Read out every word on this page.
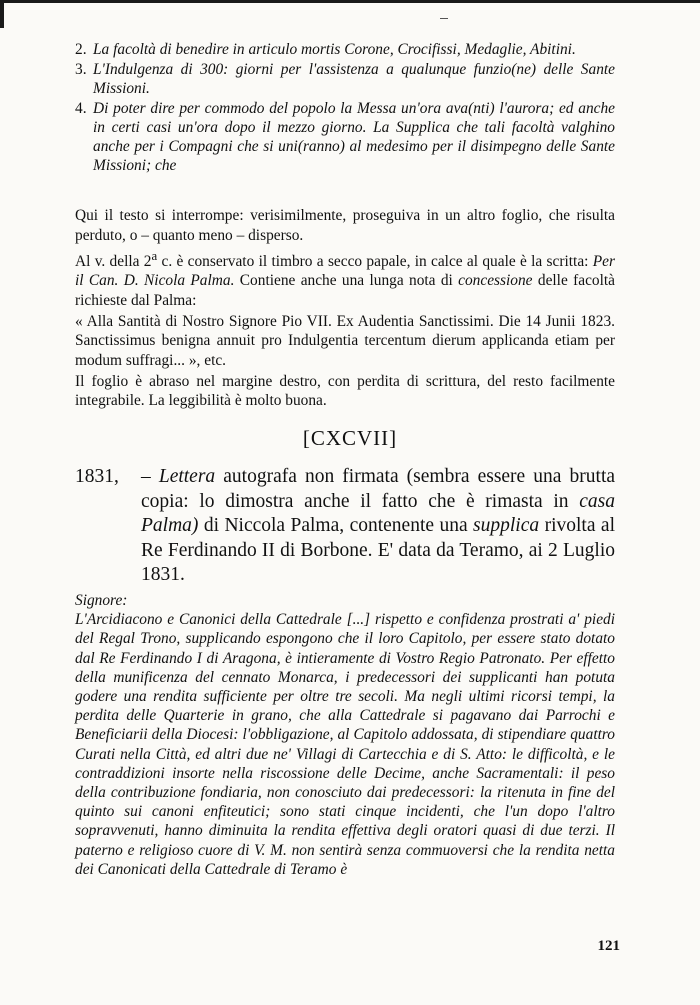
2. La facoltà di benedire in articulo mortis Corone, Crocifissi, Medaglie, Abitini.
3. L'Indulgenza di 300: giorni per l'assistenza a qualunque funzio(ne) delle Sante Missioni.
4. Di poter dire per commodo del popolo la Messa un'ora ava(nti) l'aurora; ed anche in certi casi un'ora dopo il mezzo giorno. La Supplica che tali facoltà valghino anche per i Compagni che si uni(ranno) al medesimo per il disimpegno delle Sante Missioni; che

Qui il testo si interrompe: verisimilmente, proseguiva in un altro foglio, che risulta perduto, o – quanto meno – disperso.

Al v. della 2$^a$ c. è conservato il timbro a secco papale, in calce al quale è la scritta: Per il Can. D. Nicola Palma. Contiene anche una lunga nota di concessione delle facoltà richieste dal Palma:

« Alla Santità di Nostro Signore Pio VII. Ex Audentia Sanctissimi. Die 14 Junii 1823. Sanctissimus benigna annuit pro Indulgentia tercentum dierum applicanda etiam per modum suffragi... », etc.

Il foglio è abraso nel margine destro, con perdita di scrittura, del resto facilmente integrabile. La leggibilità è molto buona.

[CXCVII]
1831,	– Lettera autografa non firmata (sembra essere una brutta copia: lo dimostra anche il fatto che è rimasta in casa Palma) di Niccola Palma, contenente una supplica rivolta al Re Ferdinando II di Borbone. E' data da Teramo, ai 2 Luglio 1831.

Signore:

L'Arcidiacono e Canonici della Cattedrale [...] rispetto e confidenza prostrati a' piedi del Regal Trono, supplicando espongono che il loro Capitolo, per essere stato dotato dal Re Ferdinando I di Aragona, è intieramente di Vostro Regio Patronato. Per effetto della munificenza del cennato Monarca, i predecessori dei supplicanti han potuta godere una rendita sufficiente per oltre tre secoli. Ma negli ultimi ricorsi tempi, la perdita delle Quarterie in grano, che alla Cattedrale si pagavano dai Parrochi e Beneficiarii della Diocesi: l'obbligazione, al Capitolo addossata, di stipendiare quattro Curati nella Città, ed altri due ne' Villagi di Cartecchia e di S. Atto: le difficoltà, e le contraddizioni insorte nella riscossione delle Decime, anche Sacramentali: il peso della contribuzione fondiaria, non conosciuto dai predecessori: la ritenuta in fine del quinto sui canoni enfiteutici; sono stati cinque incidenti, che l'un dopo l'altro sopravvenuti, hanno diminuita la rendita effettiva degli oratori quasi di due terzi. Il paterno e religioso cuore di V. M. non sentirà senza commuoversi che la rendita netta dei Canonicati della Cattedrale di Teramo è

121
